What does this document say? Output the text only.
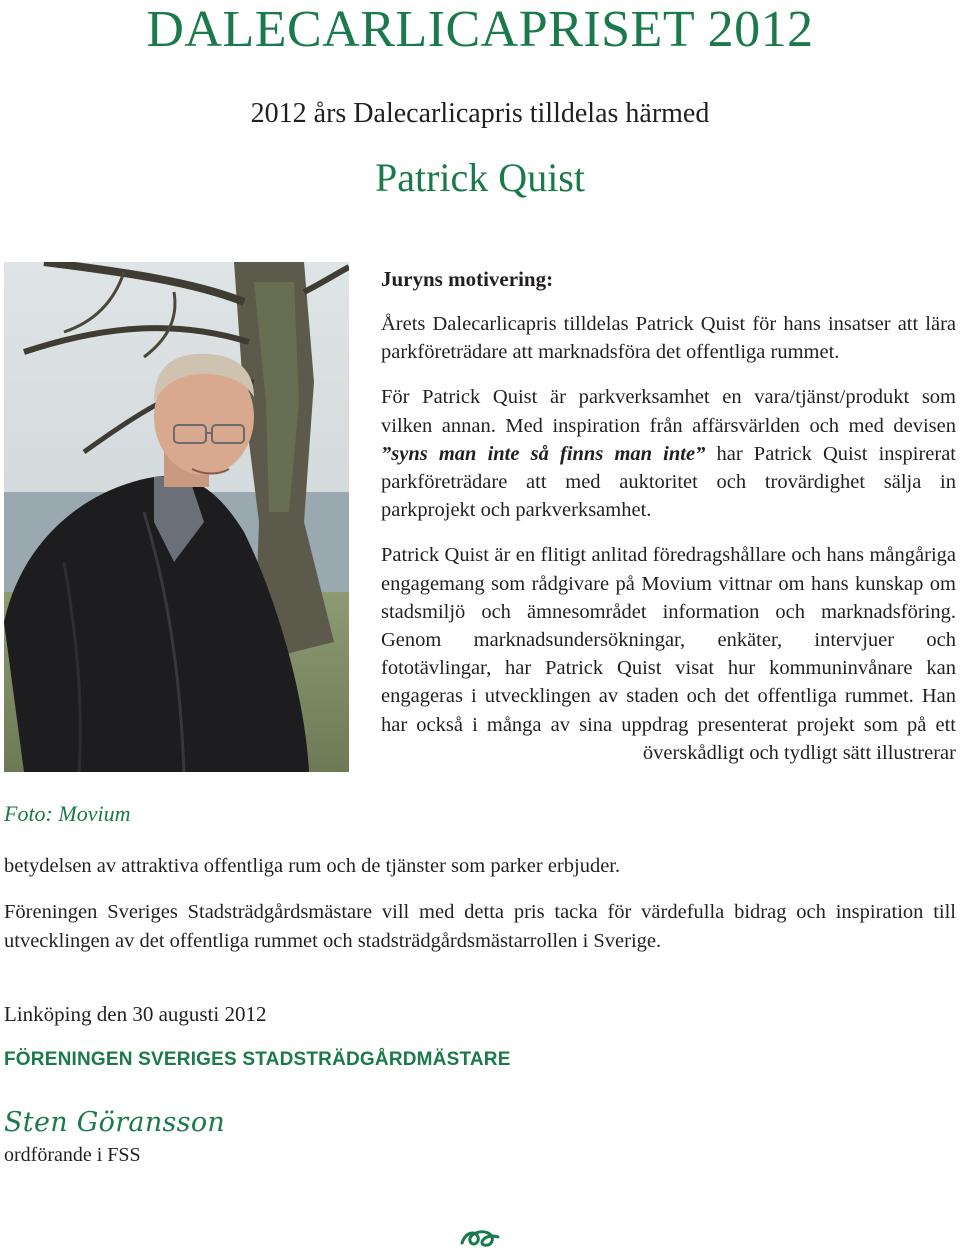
DALECARLICAPRISET 2012
2012 års Dalecarlicapris tilldelas härmed
Patrick Quist
Foto: Movium
Juryns motivering:

Årets Dalecarlicapris tilldelas Patrick Quist för hans insatser att lära parkföreträdare att marknadsföra det offentliga rummet.

För Patrick Quist är parkverksamhet en vara/tjänst/produkt som vilken annan. Med inspiration från affärsvärlden och med devisen ”syns man inte så finns man inte” har Patrick Quist inspirerat parkföreträdare att med auktoritet och trovärdighet sälja in parkprojekt och parkverksamhet.

Patrick Quist är en flitigt anlitad föredragshållare och hans mångåriga engagemang som rådgivare på Movium vittnar om hans kunskap om stadsmiljö och ämnesområdet information och marknadsföring. Genom marknadsundersökningar, enkäter, intervjuer och fototävlingar, har Patrick Quist visat hur kommuninvånare kan engageras i utvecklingen av staden och det offentliga rummet. Han har också i många av sina uppdrag presenterat projekt som på ett överskådligt och tydligt sätt illustrerar

betydelsen av attraktiva offentliga rum och de tjänster som parker erbjuder.

Föreningen Sveriges Stadsträdgårdsmästare vill med detta pris tacka för värdefulla bidrag och inspiration till utvecklingen av det offentliga rummet och stadsträdgårdsmästarrollen i Sverige.

Linköping den 30 augusti 2012

FÖRENINGEN SVERIGES STADSTRÄDGÅRDMÄSTARE

Sten Göransson

ordförande i FSS
